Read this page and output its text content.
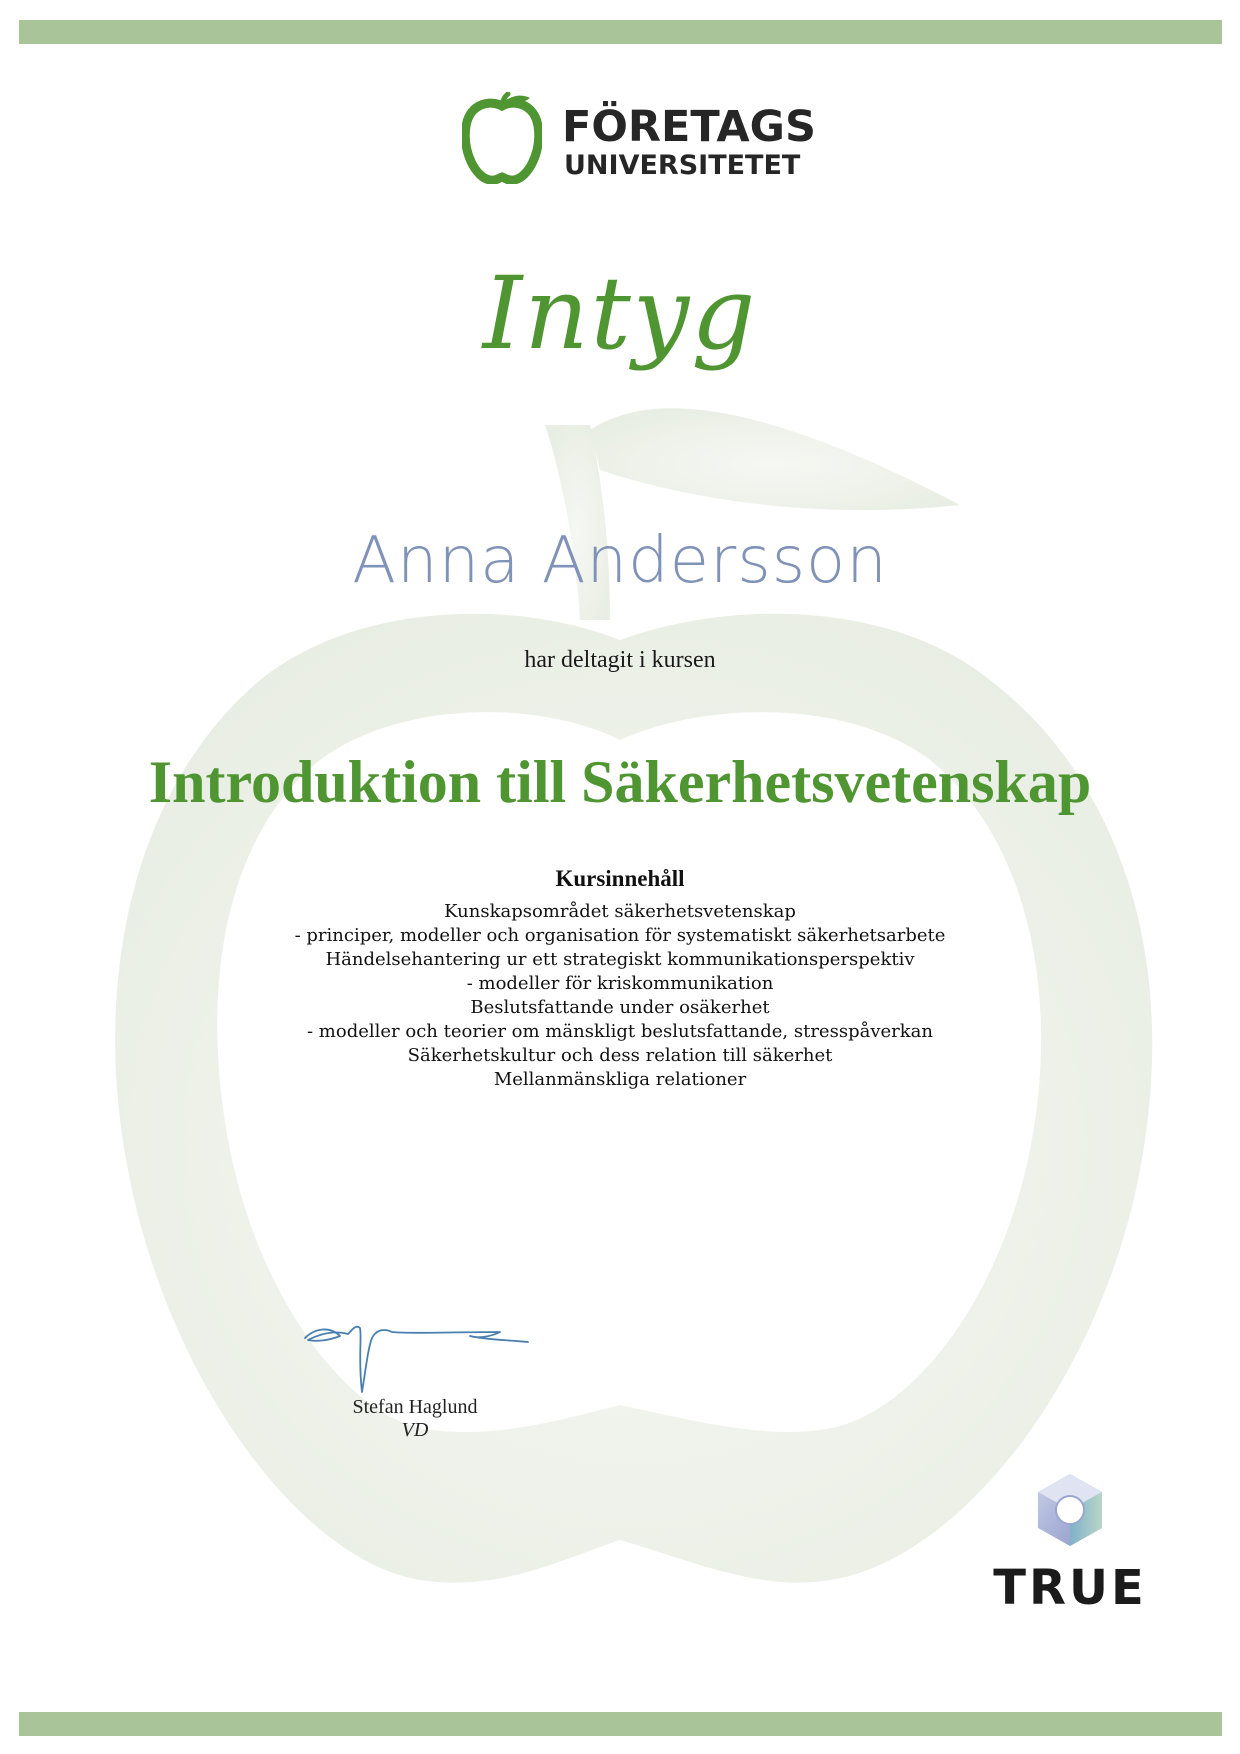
FÖRETAGS
UNIVERSITETET
Intyg
Anna Andersson
har deltagit i kursen
Introduktion till Säkerhetsvetenskap
Kursinnehåll
Kunskapsområdet säkerhetsvetenskap
- principer, modeller och organisation för systematiskt säkerhetsarbete
Händelsehantering ur ett strategiskt kommunikationsperspektiv
- modeller för kriskommunikation
Beslutsfattande under osäkerhet
- modeller och teorier om mänskligt beslutsfattande, stresspåverkan
Säkerhetskultur och dess relation till säkerhet
Mellanmänskliga relationer
Stefan Haglund
VD
TRUE
